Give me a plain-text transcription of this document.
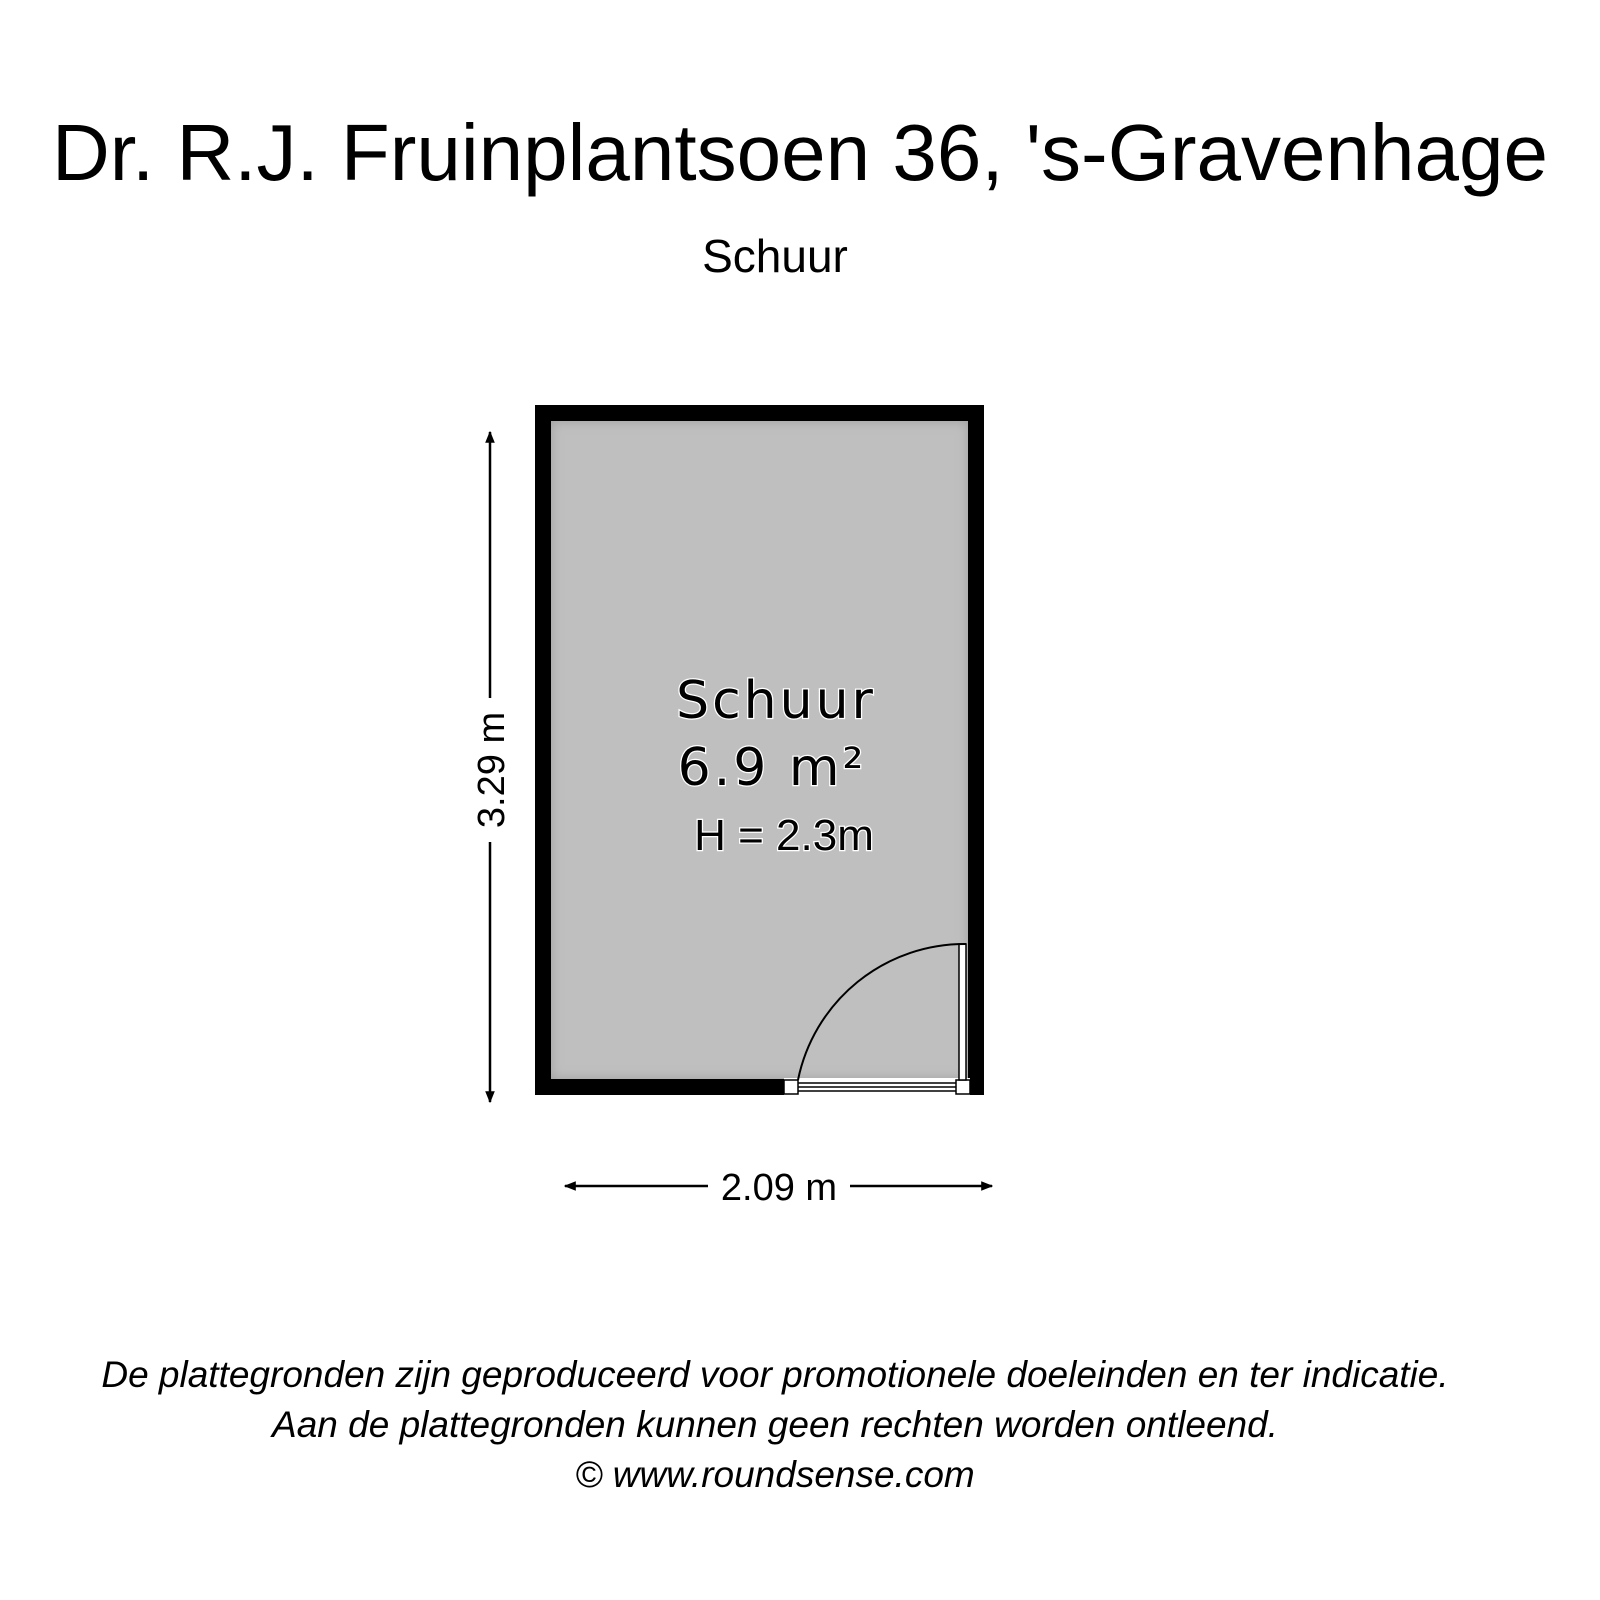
Dr. R.J. Fruinplantsoen 36, 's-Gravenhage
Schuur
Schuur
6.9 m²
H = 2.3m
3.29 m
2.09 m
De plattegronden zijn geproduceerd voor promotionele doeleinden en ter indicatie.
Aan de plattegronden kunnen geen rechten worden ontleend.
© www.roundsense.com
